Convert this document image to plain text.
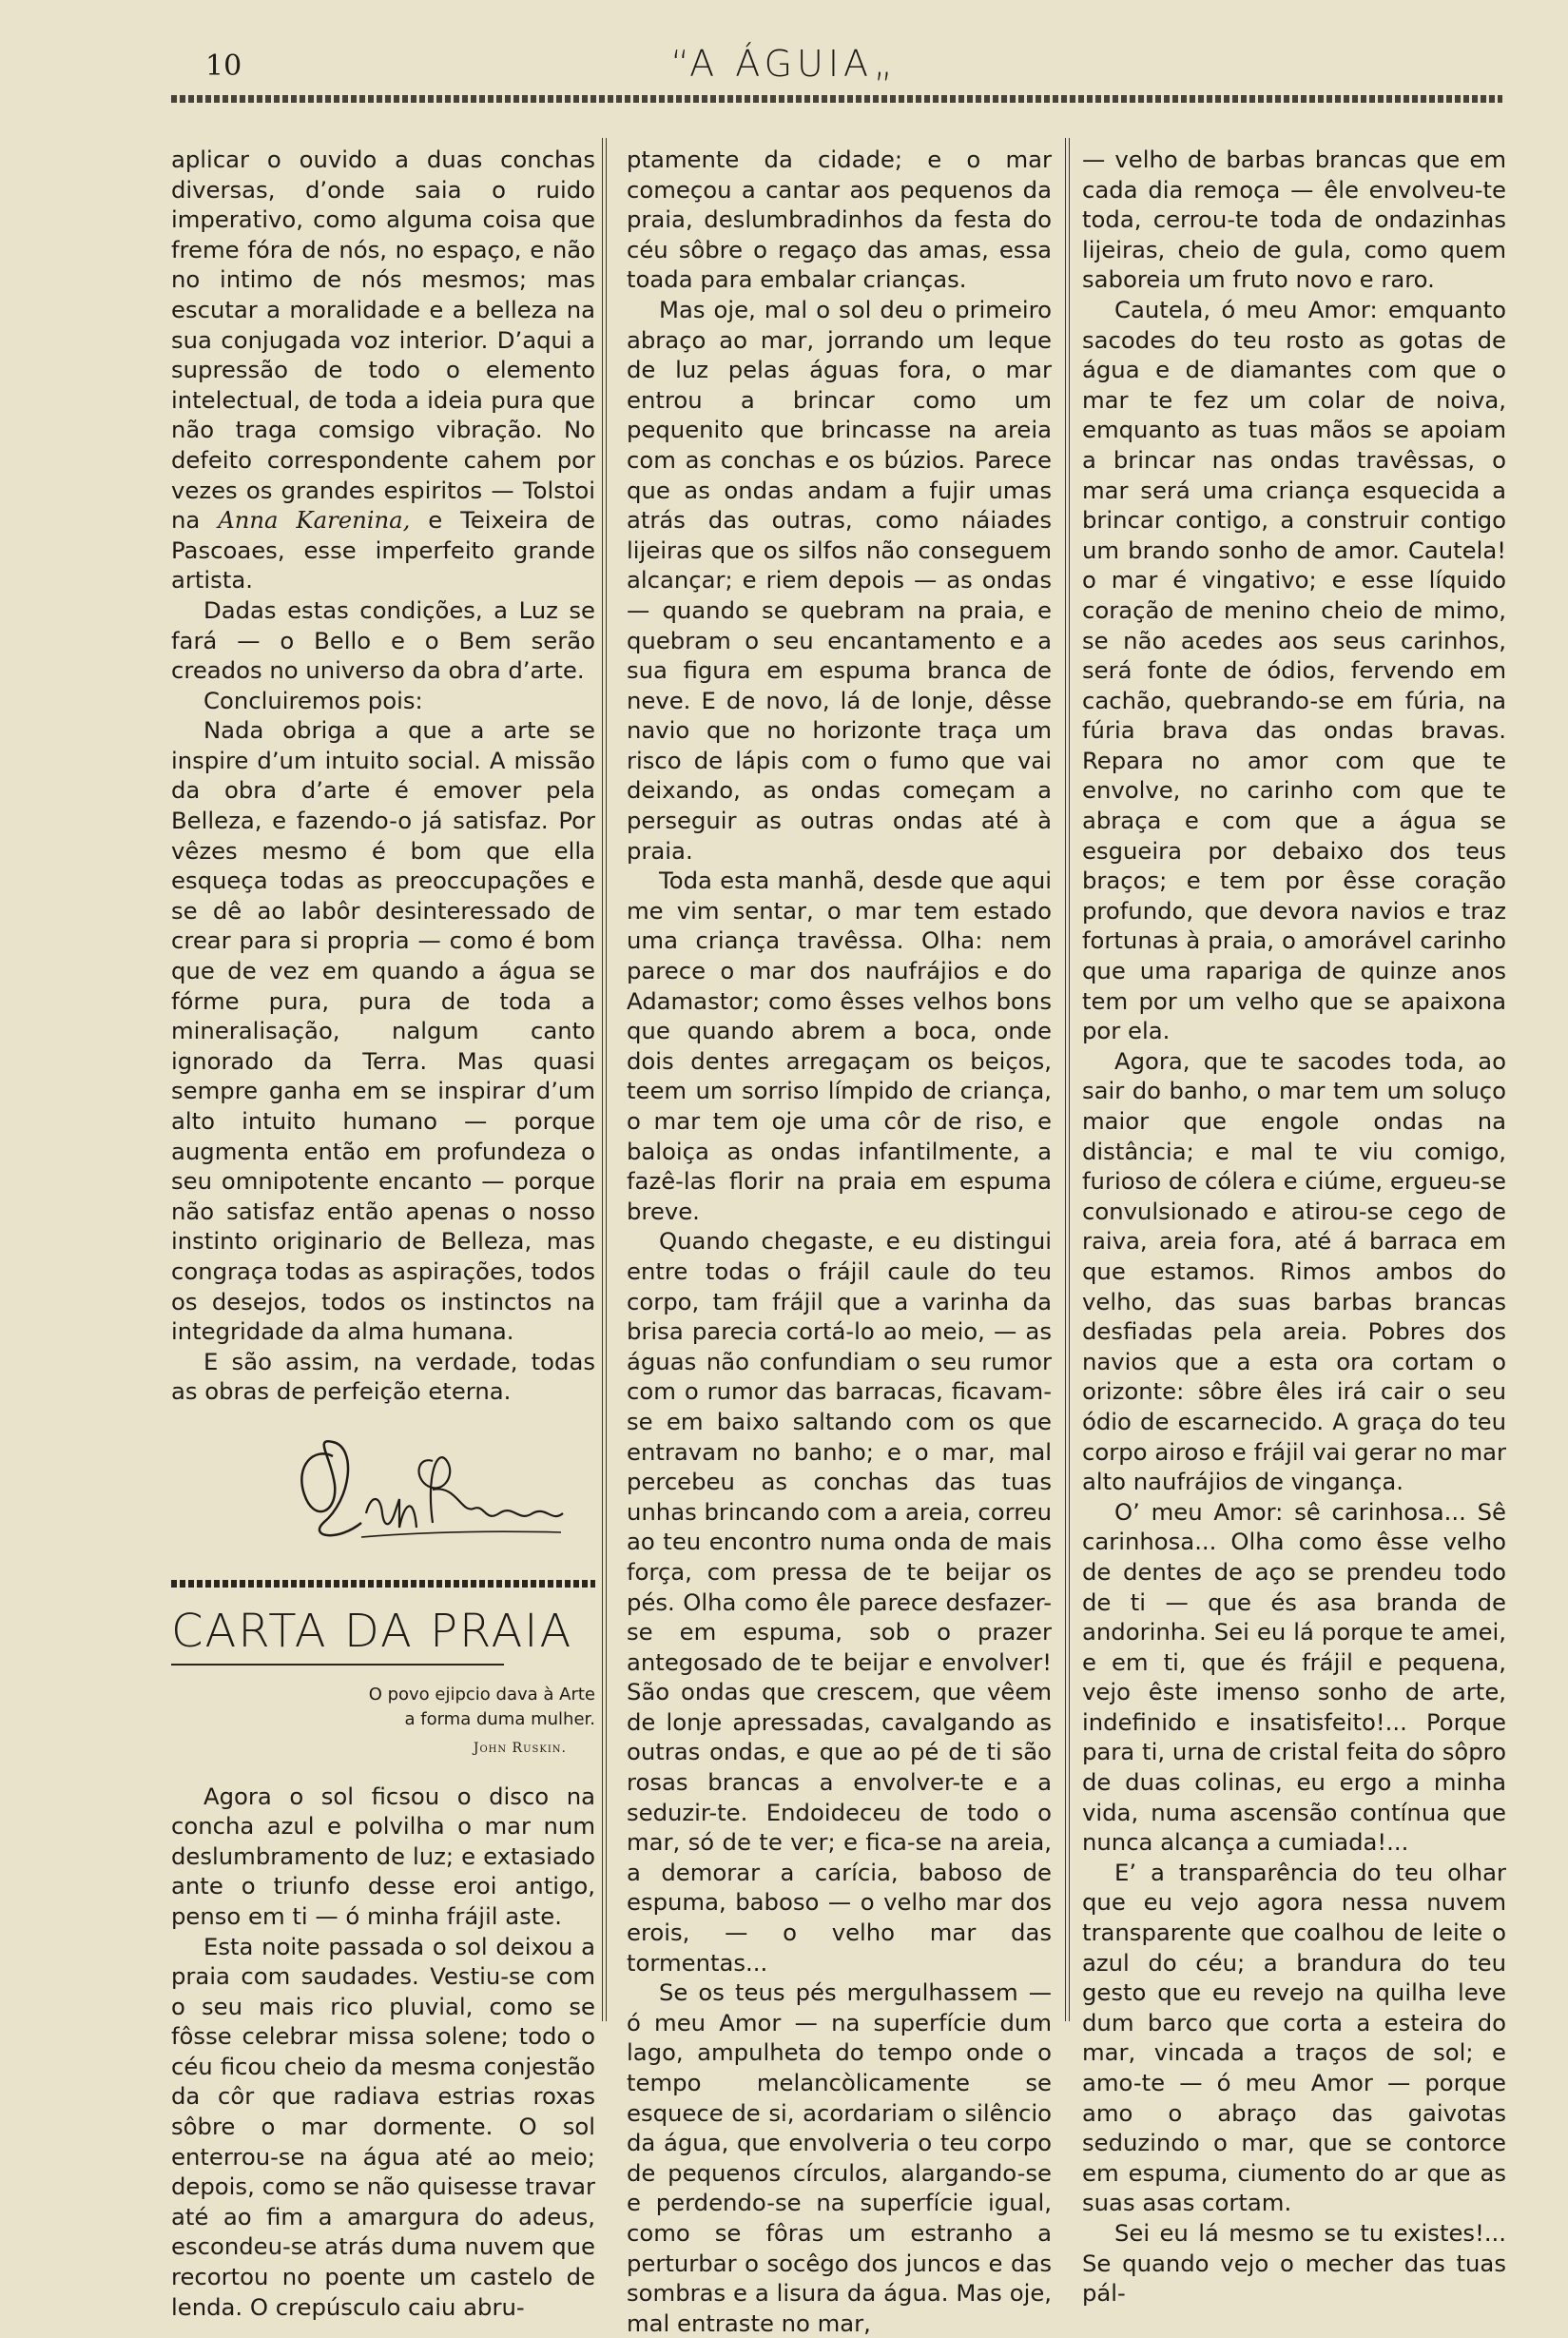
10	“A ÁGUIA„

aplicar o ouvido a duas conchas diversas, d’onde saia o ruido imperativo, como alguma coisa que freme fóra de nós, no espaço, e não no intimo de nós mesmos; mas escutar a moralidade e a belleza na sua conjugada voz interior. D’aqui a supressão de todo o elemento intelectual, de toda a ideia pura que não traga comsigo vibração. No defeito correspondente cahem por vezes os grandes espiritos — Tolstoi na Anna Karenina, e Teixeira de Pascoaes, esse imperfeito grande artista.

Dadas estas condições, a Luz se fará — o Bello e o Bem serão creados no universo da obra d’arte.

Concluiremos pois:

Nada obriga a que a arte se inspire d’um intuito social. A missão da obra d’arte é emover pela Belleza, e fazendo-o já satisfaz. Por vêzes mesmo é bom que ella esqueça todas as preoccupações e se dê ao labôr desinteressado de crear para si propria — como é bom que de vez em quando a água se fórme pura, pura de toda a mineralisação, nalgum canto ignorado da Terra. Mas quasi sempre ganha em se inspirar d’um alto intuito humano — porque augmenta então em profundeza o seu omnipotente encanto — porque não satisfaz então apenas o nosso instinto originario de Belleza, mas congraça todas as aspirações, todos os desejos, todos os instinctos na integridade da alma humana.

E são assim, na verdade, todas as obras de perfeição eterna.

CARTA DA PRAIA
O povo ejipcio dava à Arte
a forma duma mulher.
John Ruskin.

Agora o sol ficsou o disco na concha azul e polvilha o mar num deslumbramento de luz; e extasiado ante o triunfo desse eroi antigo, penso em ti — ó minha frájil aste.

Esta noite passada o sol deixou a praia com saudades. Vestiu-se com o seu mais rico pluvial, como se fôsse celebrar missa solene; todo o céu ficou cheio da mesma conjestão da côr que radiava estrias roxas sôbre o mar dormente. O sol enterrou-se na água até ao meio; depois, como se não quisesse travar até ao fim a amargura do adeus, escondeu-se atrás duma nuvem que recortou no poente um castelo de lenda. O crepúsculo caiu abru-

ptamente da cidade; e o mar começou a cantar aos pequenos da praia, deslumbradinhos da festa do céu sôbre o regaço das amas, essa toada para embalar crianças.

Mas oje, mal o sol deu o primeiro abraço ao mar, jorrando um leque de luz pelas águas fora, o mar entrou a brincar como um pequenito que brincasse na areia com as conchas e os búzios. Parece que as ondas andam a fujir umas atrás das outras, como náiades lijeiras que os silfos não conseguem alcançar; e riem depois — as ondas — quando se quebram na praia, e quebram o seu encantamento e a sua figura em espuma branca de neve. E de novo, lá de lonje, dêsse navio que no horizonte traça um risco de lápis com o fumo que vai deixando, as ondas começam a perseguir as outras ondas até à praia.

Toda esta manhã, desde que aqui me vim sentar, o mar tem estado uma criança travêssa. Olha: nem parece o mar dos naufrájios e do Adamastor; como êsses velhos bons que quando abrem a boca, onde dois dentes arregaçam os beiços, teem um sorriso límpido de criança, o mar tem oje uma côr de riso, e baloiça as ondas infantilmente, a fazê-las florir na praia em espuma breve.

Quando chegaste, e eu distingui entre todas o frájil caule do teu corpo, tam frájil que a varinha da brisa parecia cortá-lo ao meio, — as águas não confundiam o seu rumor com o rumor das barracas, ficavam-se em baixo saltando com os que entravam no banho; e o mar, mal percebeu as conchas das tuas unhas brincando com a areia, correu ao teu encontro numa onda de mais força, com pressa de te beijar os pés. Olha como êle parece desfazer-se em espuma, sob o prazer antegosado de te beijar e envolver! São ondas que crescem, que vêem de lonje apressadas, cavalgando as outras ondas, e que ao pé de ti são rosas brancas a envolver-te e a seduzir-te. Endoideceu de todo o mar, só de te ver; e fica-se na areia, a demorar a carícia, baboso de espuma, baboso — o velho mar dos erois, — o velho mar das tormentas...

Se os teus pés mergulhassem — ó meu Amor — na superfície dum lago, ampulheta do tempo onde o tempo melancòlicamente se esquece de si, acordariam o silêncio da água, que envolveria o teu corpo de pequenos círculos, alargando-se e perdendo-se na superfície igual, como se fôras um estranho a perturbar o socêgo dos juncos e das sombras e a lisura da água. Mas oje, mal entraste no mar,

— velho de barbas brancas que em cada dia remoça — êle envolveu-te toda, cerrou-te toda de ondazinhas lijeiras, cheio de gula, como quem saboreia um fruto novo e raro.

Cautela, ó meu Amor: emquanto sacodes do teu rosto as gotas de água e de diamantes com que o mar te fez um colar de noiva, emquanto as tuas mãos se apoiam a brincar nas ondas travêssas, o mar será uma criança esquecida a brincar contigo, a construir contigo um brando sonho de amor. Cautela! o mar é vingativo; e esse líquido coração de menino cheio de mimo, se não acedes aos seus carinhos, será fonte de ódios, fervendo em cachão, quebrando-se em fúria, na fúria brava das ondas bravas. Repara no amor com que te envolve, no carinho com que te abraça e com que a água se esgueira por debaixo dos teus braços; e tem por êsse coração profundo, que devora navios e traz fortunas à praia, o amorável carinho que uma rapariga de quinze anos tem por um velho que se apaixona por ela.

Agora, que te sacodes toda, ao sair do banho, o mar tem um soluço maior que engole ondas na distância; e mal te viu comigo, furioso de cólera e ciúme, ergueu-se convulsionado e atirou-se cego de raiva, areia fora, até á barraca em que estamos. Rimos ambos do velho, das suas barbas brancas desfiadas pela areia. Pobres dos navios que a esta ora cortam o orizonte: sôbre êles irá cair o seu ódio de escarnecido. A graça do teu corpo airoso e frájil vai gerar no mar alto naufrájios de vingança.

O’ meu Amor: sê carinhosa... Sê carinhosa... Olha como êsse velho de dentes de aço se prendeu todo de ti — que és asa branda de andorinha. Sei eu lá porque te amei, e em ti, que és frájil e pequena, vejo êste imenso sonho de arte, indefinido e insatisfeito!... Porque para ti, urna de cristal feita do sôpro de duas colinas, eu ergo a minha vida, numa ascensão contínua que nunca alcança a cumiada!...

E’ a transparência do teu olhar que eu vejo agora nessa nuvem transparente que coalhou de leite o azul do céu; a brandura do teu gesto que eu revejo na quilha leve dum barco que corta a esteira do mar, vincada a traços de sol; e amo-te — ó meu Amor — porque amo o abraço das gaivotas seduzindo o mar, que se contorce em espuma, ciumento do ar que as suas asas cortam.

Sei eu lá mesmo se tu existes!... Se quando vejo o mecher das tuas pál-
